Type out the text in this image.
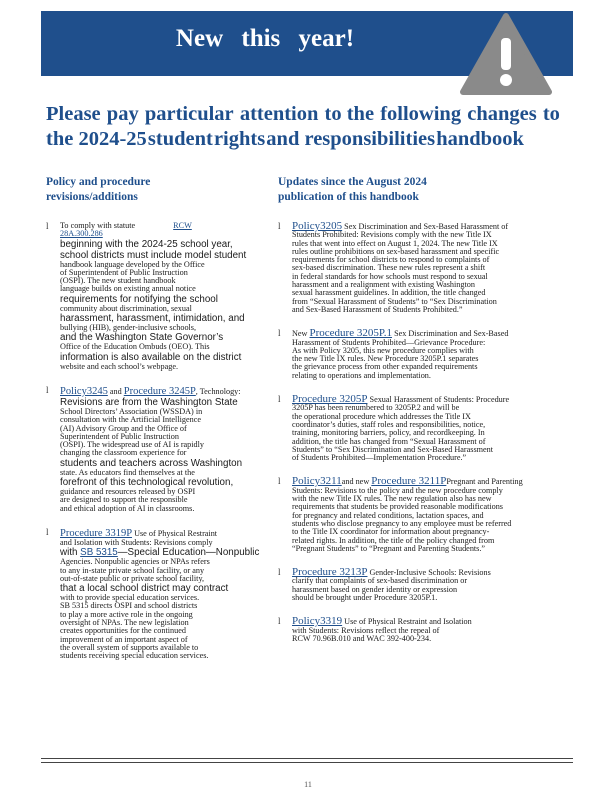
New this year!
Please pay particular attention to the following changes to
the 2024-25 student rights and responsibilities handbook
Policy and procedure
revisions/additions
Updates since the August 2024
publication of this handbook
l To comply with statute	RCW 28A.300.286
beginning with the 2024-25 school year,
school districts must include model student
handbook language developed by the Office
of Superintendent of Public Instruction
(OSPI). The new student handbook
language builds on existing annual notice
requirements for notifying the school
community about discrimination, sexual
harassment, harassment, intimidation, and
bullying (HIB), gender-inclusive schools,
and the Washington State Governor’s
Office of the Education Ombuds (OEO). This
information is also available on the district
website and each school’s webpage.
l Policy3245 and Procedure 3245P, Technology:
Revisions are from the Washington State
School Directors’ Association (WSSDA) in
consultation with the Artificial Intelligence
(AI) Advisory Group and the Office of
Superintendent of Public Instruction
(OSPI). The widespread use of AI is rapidly
changing the classroom experience for
students and teachers across Washington
state. As educators find themselves at the
forefront of this technological revolution,
guidance and resources released by OSPI
are designed to support the responsible
and ethical adoption of AI in classrooms.
l Procedure 3319P Use of Physical Restraint
and Isolation with Students: Revisions comply
with SB 5315—Special Education—Nonpublic
Agencies. Nonpublic agencies or NPAs refers
to any in-state private school facility, or any
out-of-state public or private school facility,
that a local school district may contract
with to provide special education services.
SB 5315 directs OSPI and school districts
to play a more active role in the ongoing
oversight of NPAs. The new legislation
creates opportunities for the continued
improvement of an important aspect of
the overall system of supports available to
students receiving special education services.
l Policy3205 Sex Discrimination and Sex-Based Harassment of
Students Prohibited: Revisions comply with the new Title IX
rules that went into effect on August 1, 2024. The new Title IX
rules outline prohibitions on sex-based harassment and specific
requirements for school districts to respond to complaints of
sex-based discrimination. These new rules represent a shift
in federal standards for how schools must respond to sexual
harassment and a realignment with existing Washington
sexual harassment guidelines. In addition, the title changed
from “Sexual Harassment of Students” to “Sex Discrimination
and Sex-Based Harassment of Students Prohibited.”
l New Procedure 3205P.1 Sex Discrimination and Sex-Based
Harassment of Students Prohibited—Grievance Procedure:
As with Policy 3205, this new procedure complies with
the new Title IX rules. New Procedure 3205P.1 separates
the grievance process from other expanded requirements
relating to operations and implementation.
l Procedure 3205P Sexual Harassment of Students: Procedure
3205P has been renumbered to 3205P.2 and will be
the operational procedure which addresses the Title IX
coordinator’s duties, staff roles and responsibilities, notice,
training, monitoring barriers, policy, and recordkeeping. In
addition, the title has changed from “Sexual Harassment of
Students” to “Sex Discrimination and Sex-Based Harassment
of Students Prohibited—Implementation Procedure.”
l Policy3211and new Procedure 3211PPregnant and Parenting
Students: Revisions to the policy and the new procedure comply
with the new Title IX rules. The new regulation also has new
requirements that students be provided reasonable modifications
for pregnancy and related conditions, lactation spaces, and
students who disclose pregnancy to any employee must be referred
to the Title IX coordinator for information about pregnancy-
related rights. In addition, the title of the policy changed from
“Pregnant Students” to “Pregnant and Parenting Students.”
l Procedure 3213P Gender-Inclusive Schools: Revisions
clarify that complaints of sex-based discrimination or
harassment based on gender identity or expression
should be brought under Procedure 3205P.1.
l Policy3319 Use of Physical Restraint and Isolation
with Students: Revisions reflect the repeal of
RCW 70.96B.010 and WAC 392-400-234.
11
